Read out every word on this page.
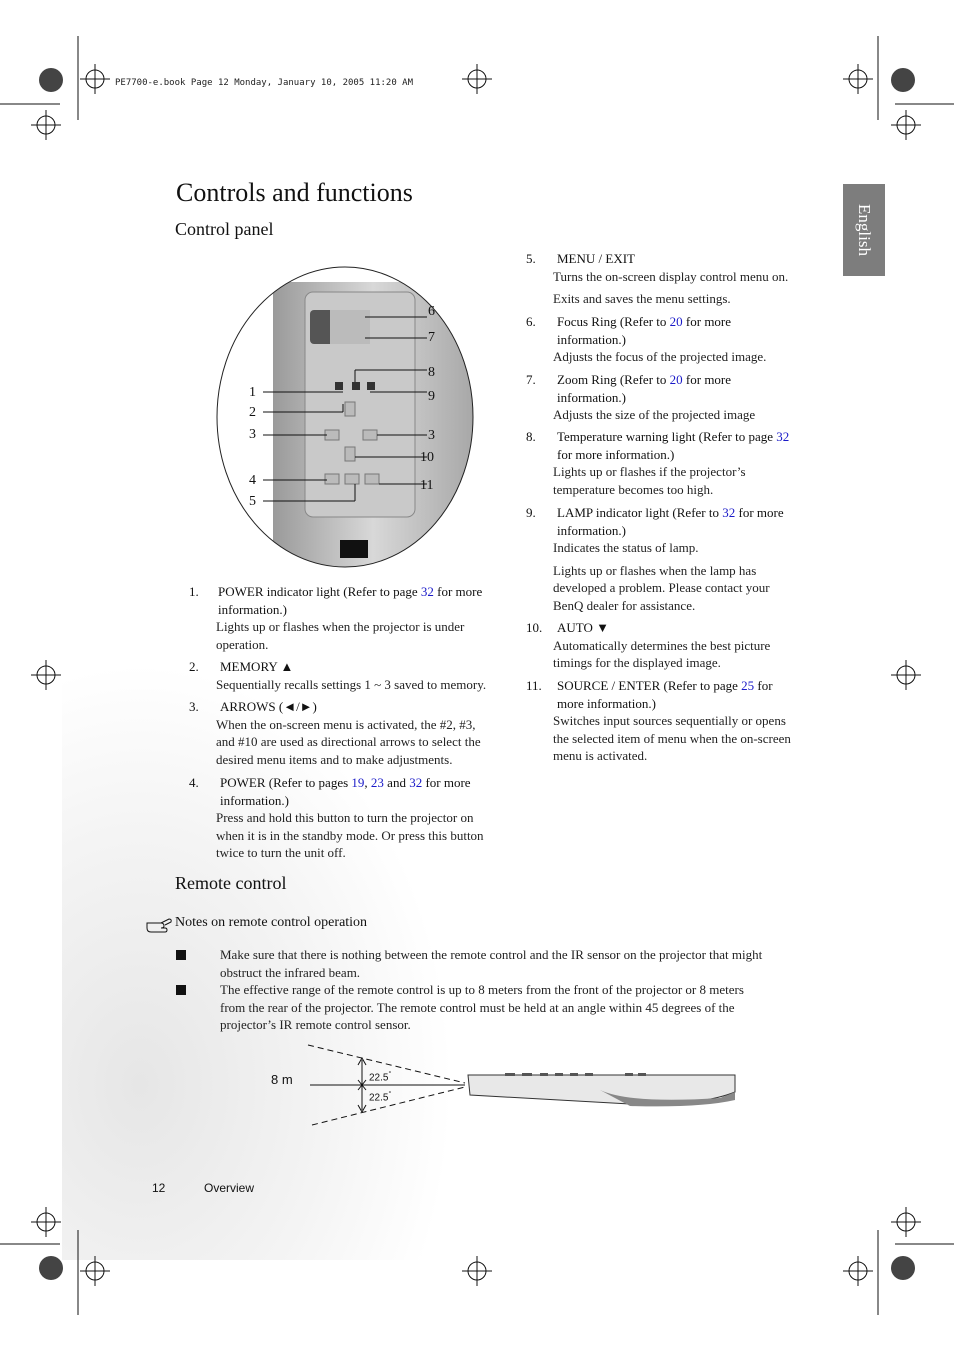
PE7700-e.book Page 12 Monday, January 10, 2005 11:20 AM
Controls and functions
English
Control panel
1
2
3
4
5
6
7
8
9
3
10
11
1. POWER indicator light (Refer to page 32 for more
information.)
Lights up or flashes when the projector is under
operation.
2. MEMORY ▲
Sequentially recalls settings 1 ~ 3 saved to memory.
3. ARROWS (◄/►)
When the on-screen menu is activated, the #2, #3,
and #10 are used as directional arrows to select the
desired menu items and to make adjustments.
4. POWER (Refer to pages 19, 23 and 32 for more
information.)
Press and hold this button to turn the projector on
when it is in the standby mode. Or press this button
twice to turn the unit off.
5. MENU / EXIT
Turns the on-screen display control menu on.
Exits and saves the menu settings.
6. Focus Ring (Refer to 20 for more
information.)
Adjusts the focus of the projected image.
7. Zoom Ring (Refer to 20 for more
information.)
Adjusts the size of the projected image
8. Temperature warning light (Refer to page 32
for more information.)
Lights up or flashes if the projector’s
temperature becomes too high.
9. LAMP indicator light (Refer to 32 for more
information.)
Indicates the status of lamp.
Lights up or flashes when the lamp has
developed a problem. Please contact your
BenQ dealer for assistance.
10. AUTO ▼
Automatically determines the best picture
timings for the displayed image.
11. SOURCE / ENTER (Refer to page 25 for
more information.)
Switches input sources sequentially or opens
the selected item of menu when the on-screen
menu is activated.
Remote control
Notes on remote control operation
Make sure that there is nothing between the remote control and the IR sensor on the projector that might
obstruct the infrared beam.
The effective range of the remote control is up to 8 meters from the front of the projector or 8 meters
from the rear of the projector. The remote control must be held at an angle within 45 degrees of the
projector’s IR remote control sensor.
8 m	22.5°
22.5°
12	Overview
